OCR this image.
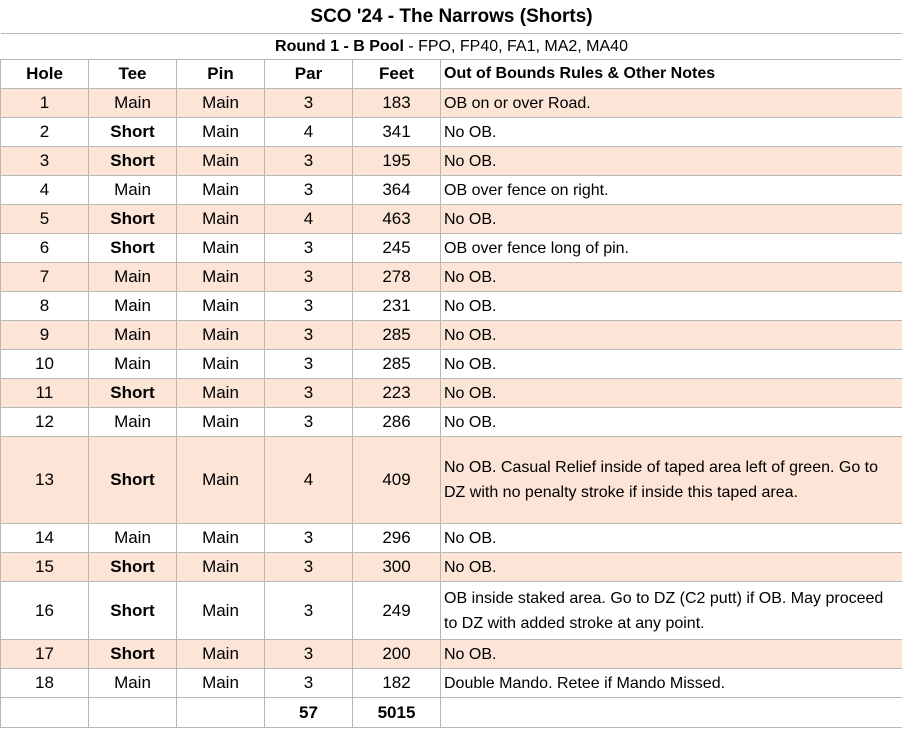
SCO '24 - The Narrows (Shorts)					
Round 1 - B Pool - FPO, FP40, FA1, MA2, MA40					
Hole	Tee	Pin	Par	Feet	Out of Bounds Rules & Other Notes
1	Main	Main	3	183	OB on or over Road.
2	Short	Main	4	341	No OB.
3	Short	Main	3	195	No OB.
4	Main	Main	3	364	OB over fence on right.
5	Short	Main	4	463	No OB.
6	Short	Main	3	245	OB over fence long of pin.
7	Main	Main	3	278	No OB.
8	Main	Main	3	231	No OB.
9	Main	Main	3	285	No OB.
10	Main	Main	3	285	No OB.
11	Short	Main	3	223	No OB.
12	Main	Main	3	286	No OB.
13	Short	Main	4	409	No OB. Casual Relief inside of taped area left of green. Go to DZ with no penalty stroke if inside this taped area.
14	Main	Main	3	296	No OB.
15	Short	Main	3	300	No OB.
16	Short	Main	3	249	OB inside staked area. Go to DZ (C2 putt) if OB. May proceed to DZ with added stroke at any point.
17	Short	Main	3	200	No OB.
18	Main	Main	3	182	Double Mando. Retee if Mando Missed.
			57	5015	
